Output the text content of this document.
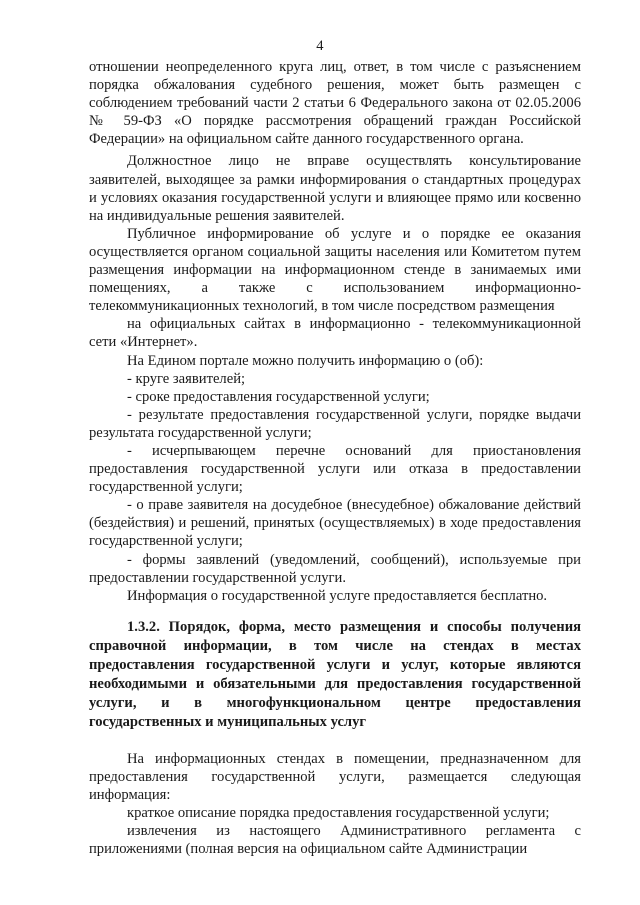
4

отношении неопределенного круга лиц, ответ, в том числе с разъяснением порядка обжалования судебного решения, может быть размещен с соблюдением требований части 2 статьи 6 Федерального закона от 02.05.2006 № 59-ФЗ «О порядке рассмотрения обращений граждан Российской Федерации» на официальном сайте данного государственного органа.

Должностное лицо не вправе осуществлять консультирование заявителей, выходящее за рамки информирования о стандартных процедурах и условиях оказания государственной услуги и влияющее прямо или косвенно на индивидуальные решения заявителей.

Публичное информирование об услуге и о порядке ее оказания осуществляется органом социальной защиты населения или Комитетом путем размещения информации на информационном стенде в занимаемых ими помещениях, а также с использованием информационно-телекоммуникационных технологий, в том числе посредством размещения

на официальных сайтах в информационно - телекоммуникационной сети «Интернет».

На Едином портале можно получить информацию о (об):

- круге заявителей;

- сроке предоставления государственной услуги;

- результате предоставления государственной услуги, порядке выдачи результата государственной услуги;

- исчерпывающем перечне оснований для приостановления предоставления государственной услуги или отказа в предоставлении государственной услуги;

- о праве заявителя на досудебное (внесудебное) обжалование действий (бездействия) и решений, принятых (осуществляемых) в ходе предоставления государственной услуги;

- формы заявлений (уведомлений, сообщений), используемые при предоставлении государственной услуги.

Информация о государственной услуге предоставляется бесплатно.

1.3.2. Порядок, форма, место размещения и способы получения справочной информации, в том числе на стендах в местах предоставления государственной услуги и услуг, которые являются необходимыми и обязательными для предоставления государственной услуги, и в многофункциональном центре предоставления государственных и муниципальных услуг

На информационных стендах в помещении, предназначенном для предоставления государственной услуги, размещается следующая информация:

краткое описание порядка предоставления государственной услуги;

извлечения из настоящего Административного регламента с приложениями (полная версия на официальном сайте Администрации
